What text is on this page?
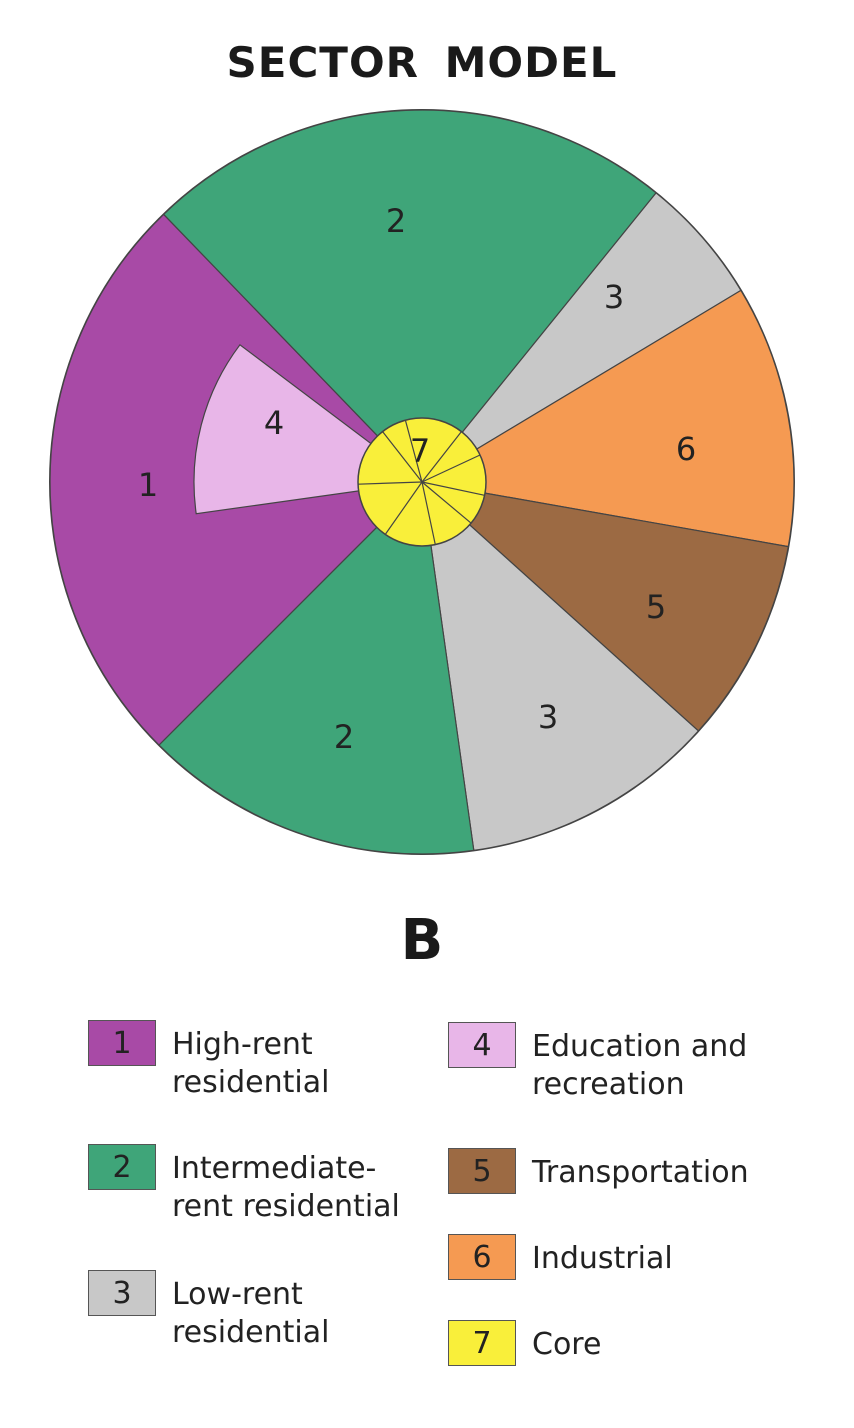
SECTOR MODEL
2
3
6
5
3
2
1
4
7
B
1	High-rent
residential
2	Intermediate-
rent residential
3	Low-rent
residential
4	Education and
recreation
5	Transportation
6	Industrial
7	Core
